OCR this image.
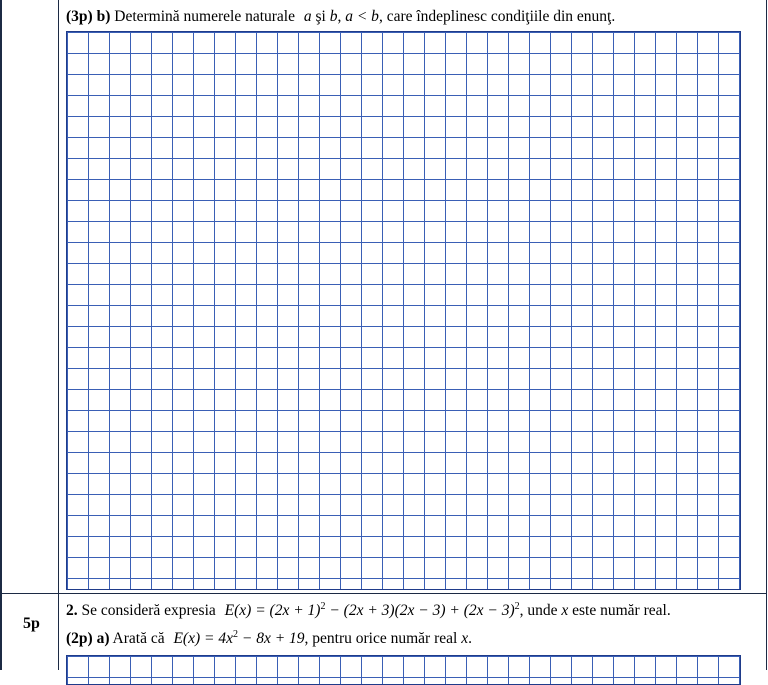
(3p) b) Determină numerele naturale a şi b, a < b, care îndeplinesc condiţiile din enunţ.
5p
2. Se consideră expresia $E(x) = (2x + 1)^2 - (2x + 3)(2x - 3) + (2x - 3)^2$, unde x este număr real.
(2p) a) Arată că $E(x) = 4x^2 - 8x + 19$, pentru orice număr real x.
